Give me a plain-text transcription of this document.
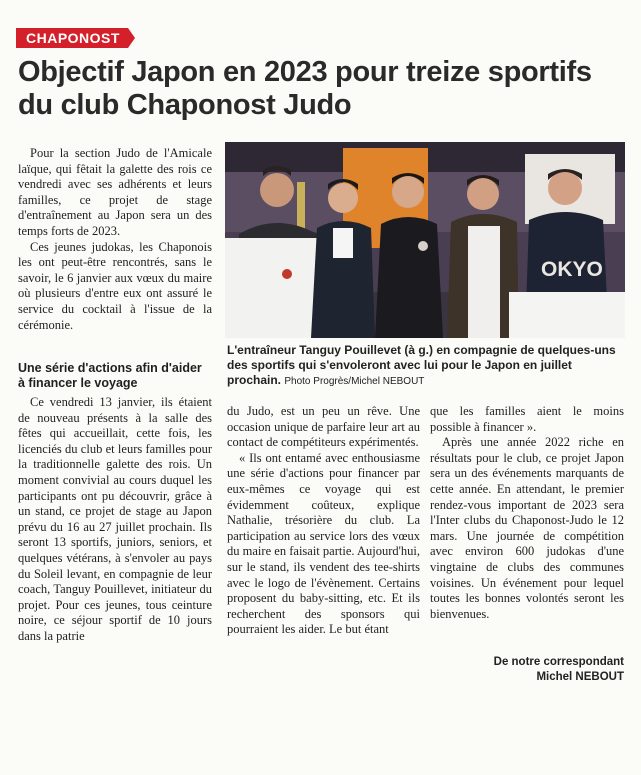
CHAPONOST
Objectif Japon en 2023 pour treize sportifs du club Chaponost Judo

Pour la section Judo de l'Amicale laïque, qui fêtait la galette des rois ce vendredi avec ses adhérents et leurs familles, ce projet de stage d'entraînement au Japon sera un des temps forts de 2023.

Ces jeunes judokas, les Chaponois les ont peut-être rencontrés, sans le savoir, le 6 janvier aux vœux du maire où plusieurs d'entre eux ont assuré le service du cocktail à l'issue de la cérémonie.

Une série d'actions afin d'aider à financer le voyage

Ce vendredi 13 janvier, ils étaient de nouveau présents à la salle des fêtes qui accueillait, cette fois, les licenciés du club et leurs familles pour la traditionnelle galette des rois. Un moment convivial au cours duquel les participants ont pu découvrir, grâce à un stand, ce projet de stage au Japon prévu du 16 au 27 juillet prochain. Ils seront 13 sportifs, juniors, seniors, et quelques vétérans, à s'envoler au pays du Soleil levant, en compagnie de leur coach, Tanguy Pouillevet, initiateur du projet. Pour ces jeunes, tous ceinture noire, ce séjour sportif de 10 jours dans la patrie

OKYO
L'entraîneur Tanguy Pouillevet (à g.) en compagnie de quelques-uns des sportifs qui s'envoleront avec lui pour le Japon en juillet prochain. Photo Progrès/Michel NEBOUT

du Judo, est un peu un rêve. Une occasion unique de parfaire leur art au contact de compétiteurs expérimentés.

« Ils ont entamé avec enthousiasme une série d'actions pour financer par eux-mêmes ce voyage qui est évidemment coûteux, explique Nathalie, trésorière du club. La participation au service lors des vœux du maire en faisait partie. Aujourd'hui, sur le stand, ils vendent des tee-shirts avec le logo de l'évènement. Certains proposent du baby-sitting, etc. Et ils recherchent des sponsors qui pourraient les aider. Le but étant

que les familles aient le moins possible à financer ».

Après une année 2022 riche en résultats pour le club, ce projet Japon sera un des événements marquants de cette année. En attendant, le premier rendez-vous important de 2023 sera l'Inter clubs du Chaponost-Judo le 12 mars. Une journée de compétition avec environ 600 judokas d'une vingtaine de clubs des communes voisines. Un événement pour lequel toutes les bonnes volontés seront les bienvenues.

De notre correspondant
Michel NEBOUT
